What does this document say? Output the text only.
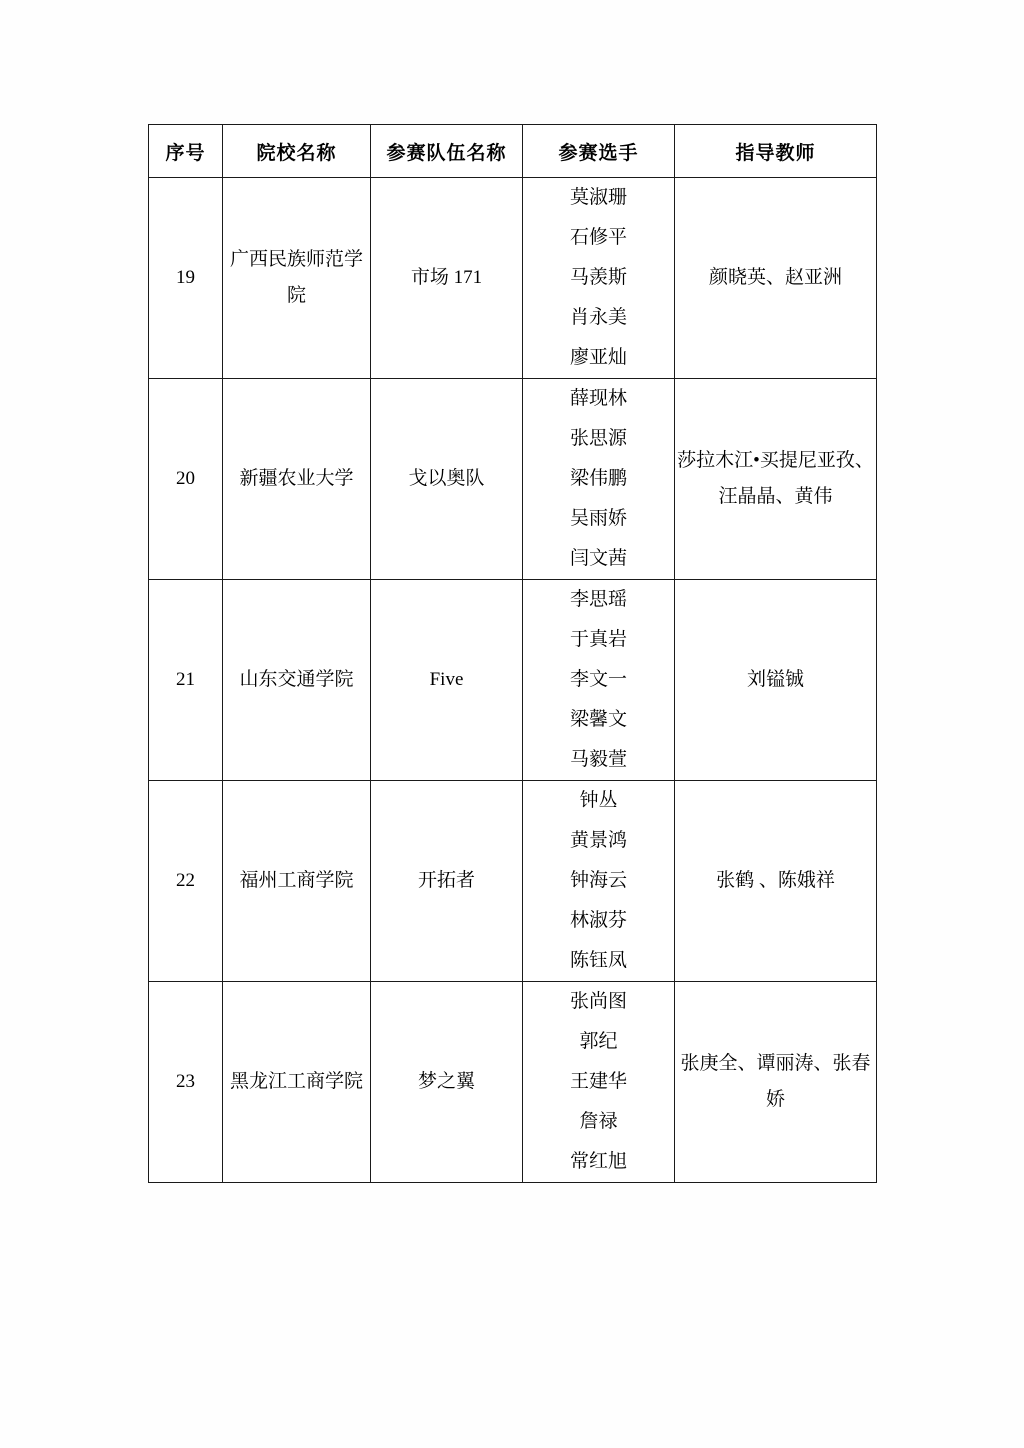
序号	院校名称	参赛队伍名称	参赛选手	指导教师
19	广西民族师范学院	市场 171	莫淑珊
石修平
马羡斯
肖永美
廖亚灿	颜晓英、赵亚洲
20	新疆农业大学	戈以奥队	薛现林
张思源
梁伟鹏
吴雨娇
闫文茜	莎拉木江•买提尼亚孜、汪晶晶、黄伟
21	山东交通学院	Five	李思瑶
于真岩
李文一
梁馨文
马毅萱	刘镒铖
22	福州工商学院	开拓者	钟丛
黄景鸿
钟海云
林淑芬
陈钰凤	张鹤 、陈娥祥
23	黑龙江工商学院	梦之翼	张尚图
郭纪
王建华
詹禄
常红旭	张庚全、谭丽涛、张春娇
